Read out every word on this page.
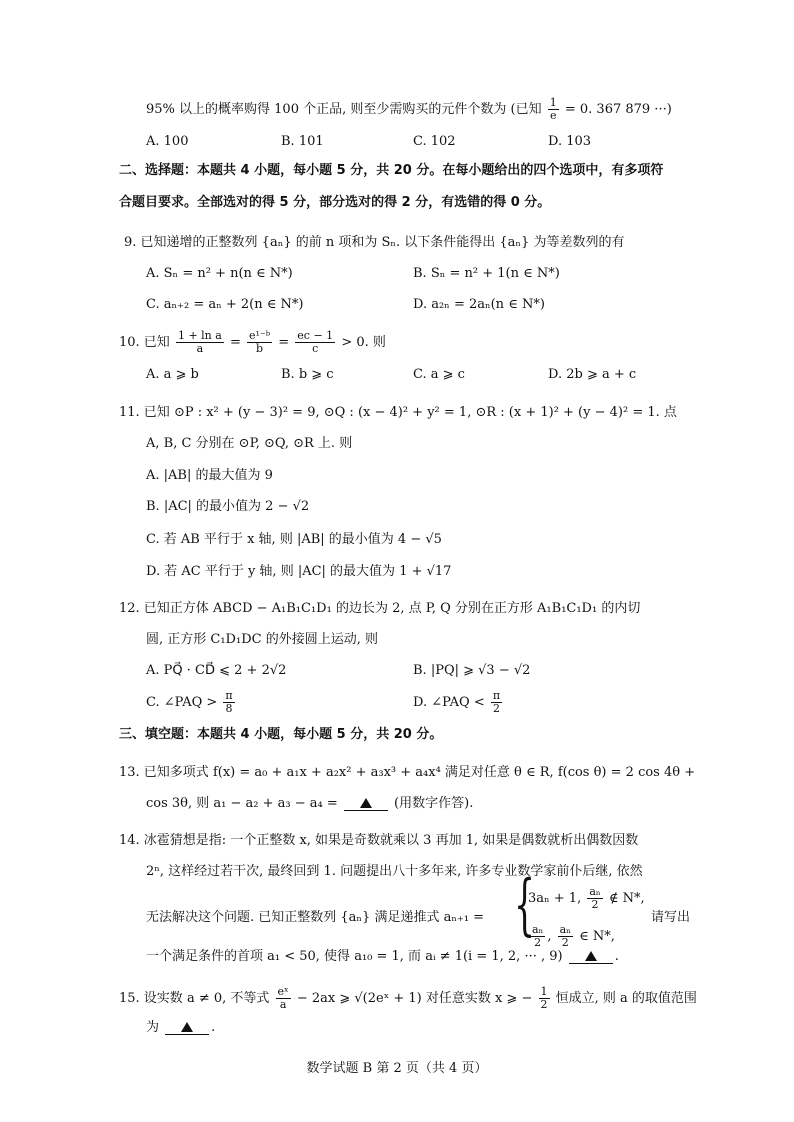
95% 以上的概率购得 100 个正品, 则至少需购买的元件个数为 (已知 $\frac{1}{e} = 0$. 367 879 ···)
A. 100	B. 101	C. 102	D. 103
二、选择题：本题共 4 小题，每小题 5 分，共 20 分。在每小题给出的四个选项中，有多项符
合题目要求。全部选对的得 5 分，部分选对的得 2 分，有选错的得 0 分。
9. 已知递增的正整数列 {aₙ} 的前 n 项和为 Sₙ. 以下条件能得出 {aₙ} 为等差数列的有
A. Sₙ = n² + n(n ∈ N*)	B. Sₙ = n² + 1(n ∈ N*)
C. aₙ₊₂ = aₙ + 2(n ∈ N*)	D. a₂ₙ = 2aₙ(n ∈ N*)
10. 已知 $\frac{\text{1 + ln a}}{a} = \frac{\text{e¹⁻ᵇ}}{b} = \frac{ec - 1}{c} > 0$. 则
A. a ⩾ b	B. b ⩾ c	C. a ⩾ c	D. 2b ⩾ a + c
11. 已知 ⊙P : x² + (y − 3)² = 9, ⊙Q : (x − 4)² + y² = 1, ⊙R : (x + 1)² + (y − 4)² = 1. 点
A, B, C 分别在 ⊙P, ⊙Q, ⊙R 上. 则
A. |AB| 的最大值为 9
B. |AC| 的最小值为 2 − √2
C. 若 AB 平行于 x 轴, 则 |AB| 的最小值为 4 − √5
D. 若 AC 平行于 y 轴, 则 |AC| 的最大值为 1 + √17
12. 已知正方体 ABCD − A₁B₁C₁D₁ 的边长为 2, 点 P, Q 分别在正方形 A₁B₁C₁D₁ 的内切
圆, 正方形 C₁D₁DC 的外接圆上运动, 则
A. PQ⃗ · CD⃗ ⩽ 2 + 2√2	B. |PQ| ⩾ √3 − √2
C. ∠PAQ > $\frac{\pi}{8}$	D. ∠PAQ < $\frac{\pi}{2}$
三、填空题：本题共 4 小题，每小题 5 分，共 20 分。
13. 已知多项式 f(x) = a₀ + a₁x + a₂x² + a₃x³ + a₄x⁴ 满足对任意 θ ∈ R, f(cos θ) = 2 cos 4θ +
cos 3θ, 则 a₁ − a₂ + a₃ − a₄ =	(用数字作答).
14. 冰雹猜想是指: 一个正整数 x, 如果是奇数就乘以 3 再加 1, 如果是偶数就析出偶数因数
2ⁿ, 这样经过若干次, 最终回到 1. 问题提出八十多年来, 许多专业数学家前仆后继, 依然
无法解决这个问题. 已知正整数列 {aₙ} 满足递推式 aₙ₊₁ = {
3aₙ + 1, $\frac{\text{aₙ}}{2}$ ∉ N*,
$\frac{\text{aₙ}}{2}$ , $\frac{\text{aₙ}}{2}$ ∈ N*,
请写出
一个满足条件的首项 a₁ < 50, 使得 a₁₀ = 1, 而 aᵢ ≠ 1(i = 1, 2, ··· , 9)	.
15. 设实数 a ≠ 0, 不等式 $\frac{\text{eˣ}}{a} - 2ax$ ⩾ √(2eˣ + 1) 对任意实数 x ⩾ − $\frac{1}{2}$ 恒成立, 则 a 的取值范围
为	.
数学试题 B 第 2 页（共 4 页）
